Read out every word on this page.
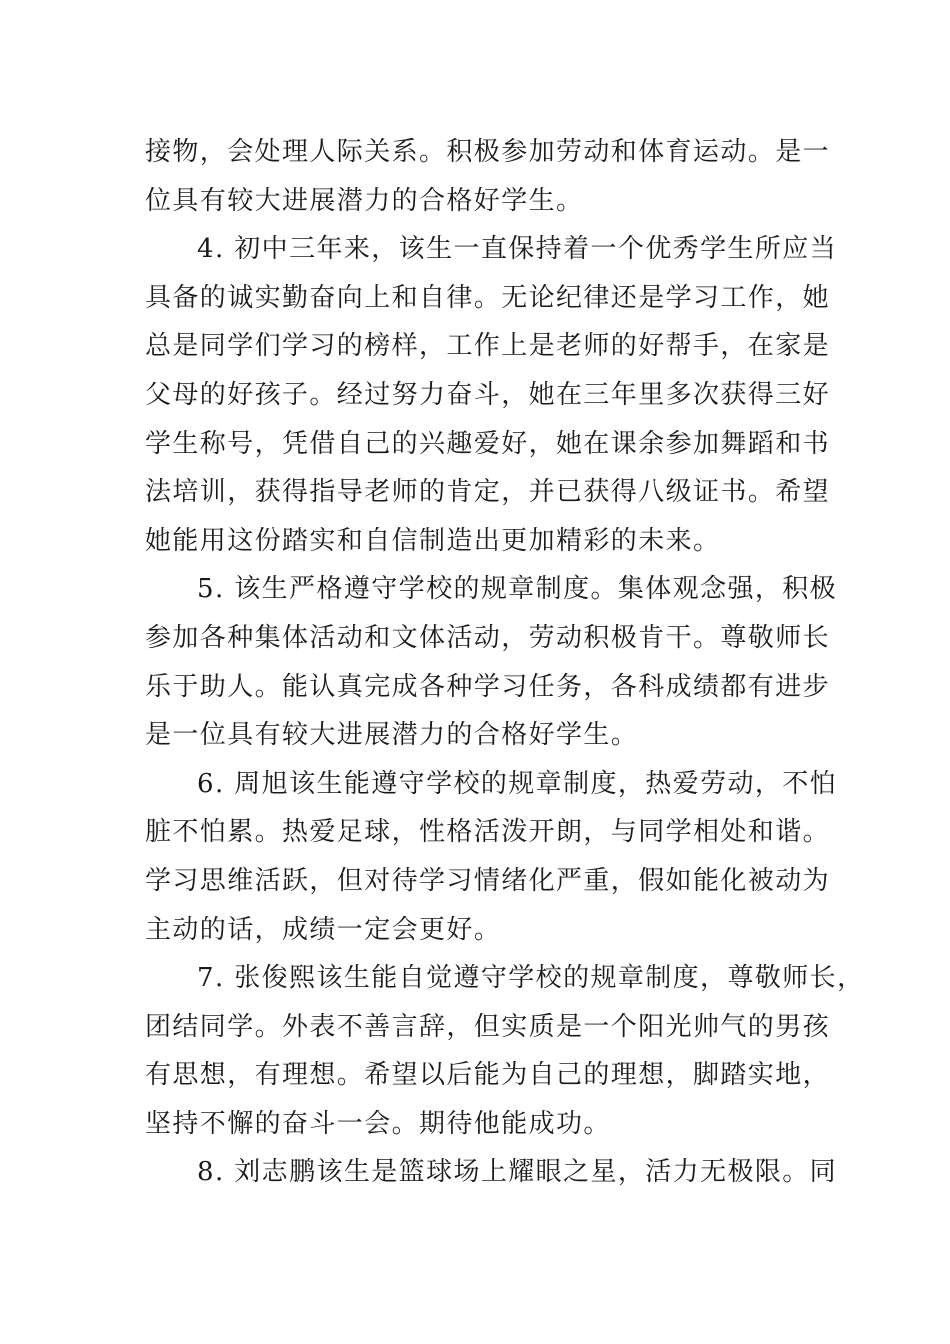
接物，会处理人际关系。积极参加劳动和体育运动。是一
位具有较大进展潜力的合格好学生。
4. 初中三年来，该生一直保持着一个优秀学生所应当
具备的诚实勤奋向上和自律。无论纪律还是学习工作，她
总是同学们学习的榜样，工作上是老师的好帮手，在家是
父母的好孩子。经过努力奋斗，她在三年里多次获得三好
学生称号，凭借自己的兴趣爱好，她在课余参加舞蹈和书
法培训，获得指导老师的肯定，并已获得八级证书。希望
她能用这份踏实和自信制造出更加精彩的未来。
5. 该生严格遵守学校的规章制度。集体观念强，积极
参加各种集体活动和文体活动，劳动积极肯干。尊敬师长
乐于助人。能认真完成各种学习任务，各科成绩都有进步
是一位具有较大进展潜力的合格好学生。
6. 周旭该生能遵守学校的规章制度，热爱劳动，不怕
脏不怕累。热爱足球，性格活泼开朗，与同学相处和谐。
学习思维活跃，但对待学习情绪化严重，假如能化被动为
主动的话，成绩一定会更好。
7. 张俊熙该生能自觉遵守学校的规章制度，尊敬师长，
团结同学。外表不善言辞，但实质是一个阳光帅气的男孩
有思想，有理想。希望以后能为自己的理想，脚踏实地，
坚持不懈的奋斗一会。期待他能成功。
8. 刘志鹏该生是篮球场上耀眼之星，活力无极限。同
